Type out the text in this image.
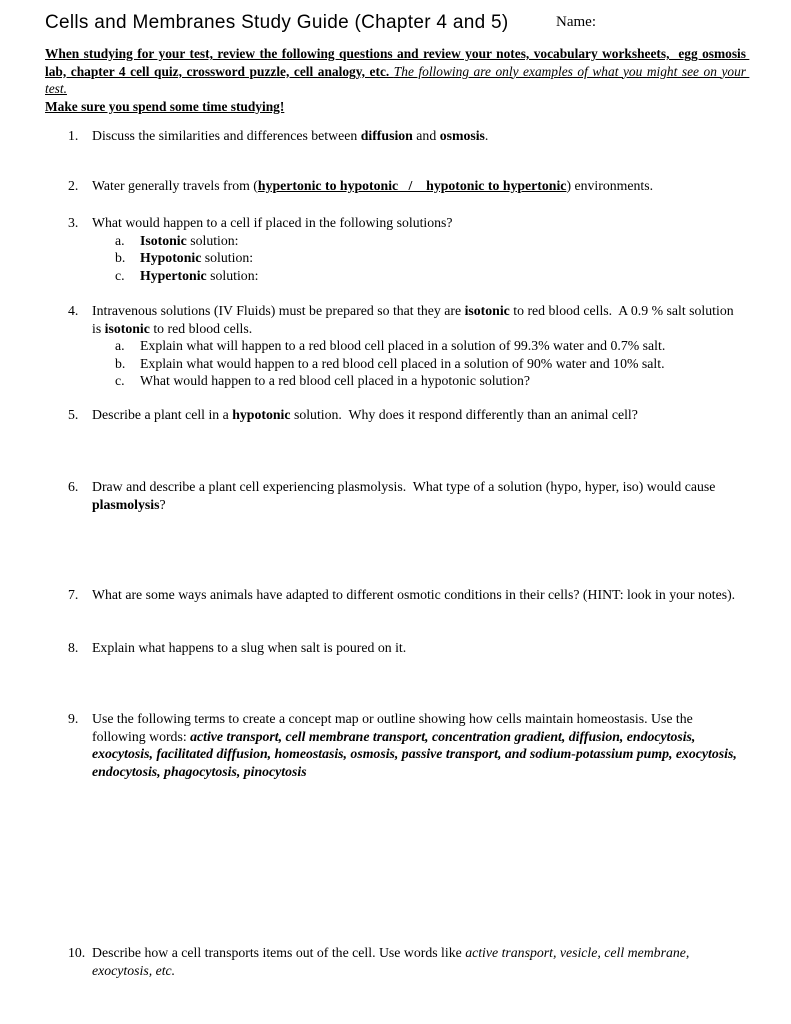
Cells and Membranes Study Guide (Chapter 4 and 5)	Name:
When studying for your test, review the following questions and review your notes, vocabulary worksheets,  egg osmosis lab, chapter 4 cell quiz, crossword puzzle, cell analogy, etc. The following are only examples of what you might see on your test.
Make sure you spend some time studying!
1. Discuss the similarities and differences between diffusion and osmosis.
2. Water generally travels from (hypertonic to hypotonic   /    hypotonic to hypertonic) environments.
3. What would happen to a cell if placed in the following solutions?
a.	Isotonic solution:
b.	Hypotonic solution:
c.	Hypertonic solution:
4. Intravenous solutions (IV Fluids) must be prepared so that they are isotonic to red blood cells.  A 0.9 % salt solution is isotonic to red blood cells.
a.	Explain what will happen to a red blood cell placed in a solution of 99.3% water and 0.7% salt.
b.	Explain what would happen to a red blood cell placed in a solution of 90% water and 10% salt.
c.	What would happen to a red blood cell placed in a hypotonic solution?
5. Describe a plant cell in a hypotonic solution.  Why does it respond differently than an animal cell?
6. Draw and describe a plant cell experiencing plasmolysis.  What type of a solution (hypo, hyper, iso) would cause plasmolysis?
7. What are some ways animals have adapted to different osmotic conditions in their cells? (HINT: look in your notes).
8. Explain what happens to a slug when salt is poured on it.
9. Use the following terms to create a concept map or outline showing how cells maintain homeostasis. Use the following words: active transport, cell membrane transport, concentration gradient, diffusion, endocytosis, exocytosis, facilitated diffusion, homeostasis, osmosis, passive transport, and sodium-potassium pump, exocytosis, endocytosis, phagocytosis, pinocytosis
10. Describe how a cell transports items out of the cell. Use words like active transport, vesicle, cell membrane, exocytosis, etc.
